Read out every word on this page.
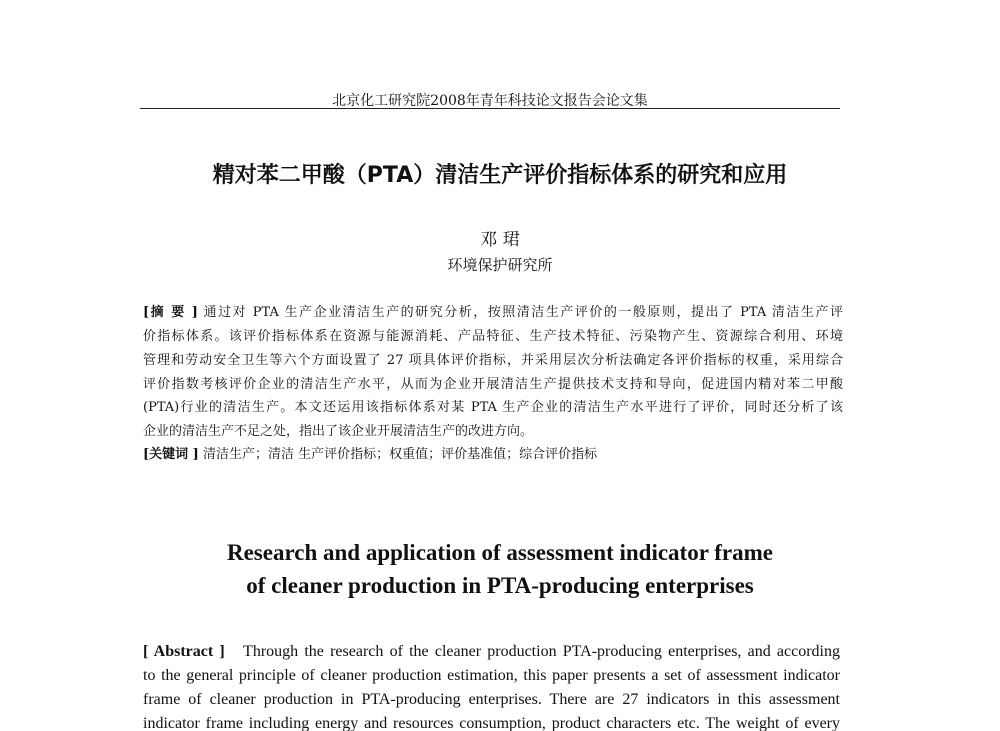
北京化工研究院2008年青年科技论文报告会论文集
精对苯二甲酸（PTA）清洁生产评价指标体系的研究和应用
邓 珺
环境保护研究所
[摘 要 ] 通过对 PTA 生产企业清洁生产的研究分析，按照清洁生产评价的一般原则，提出了 PTA 清洁生产评
价指标体系。该评价指标体系在资源与能源消耗、产品特征、生产技术特征、污染物产生、资源综合利用、环境
管理和劳动安全卫生等六个方面设置了 27 项具体评价指标，并采用层次分析法确定各评价指标的权重，采用综合
评价指数考核评价企业的清洁生产水平，从而为企业开展清洁生产提供技术支持和导向，促进国内精对苯二甲酸
(PTA)行业的清洁生产。本文还运用该指标体系对某 PTA 生产企业的清洁生产水平进行了评价，同时还分析了该
企业的清洁生产不足之处，指出了该企业开展清洁生产的改进方向。
[关键词 ] 清洁生产；清洁 生产评价指标；权重值；评价基准值；综合评价指标
Research and application of assessment indicator frame
of cleaner production in PTA-producing enterprises
[ Abstract ] Through the research of the cleaner production PTA-producing enterprises, and according
to the general principle of cleaner production estimation, this paper presents a set of assessment indicator
frame of cleaner production in PTA-producing enterprises. There are 27 indicators in this assessment
indicator frame including energy and resources consumption, product characters etc. The weight of every
